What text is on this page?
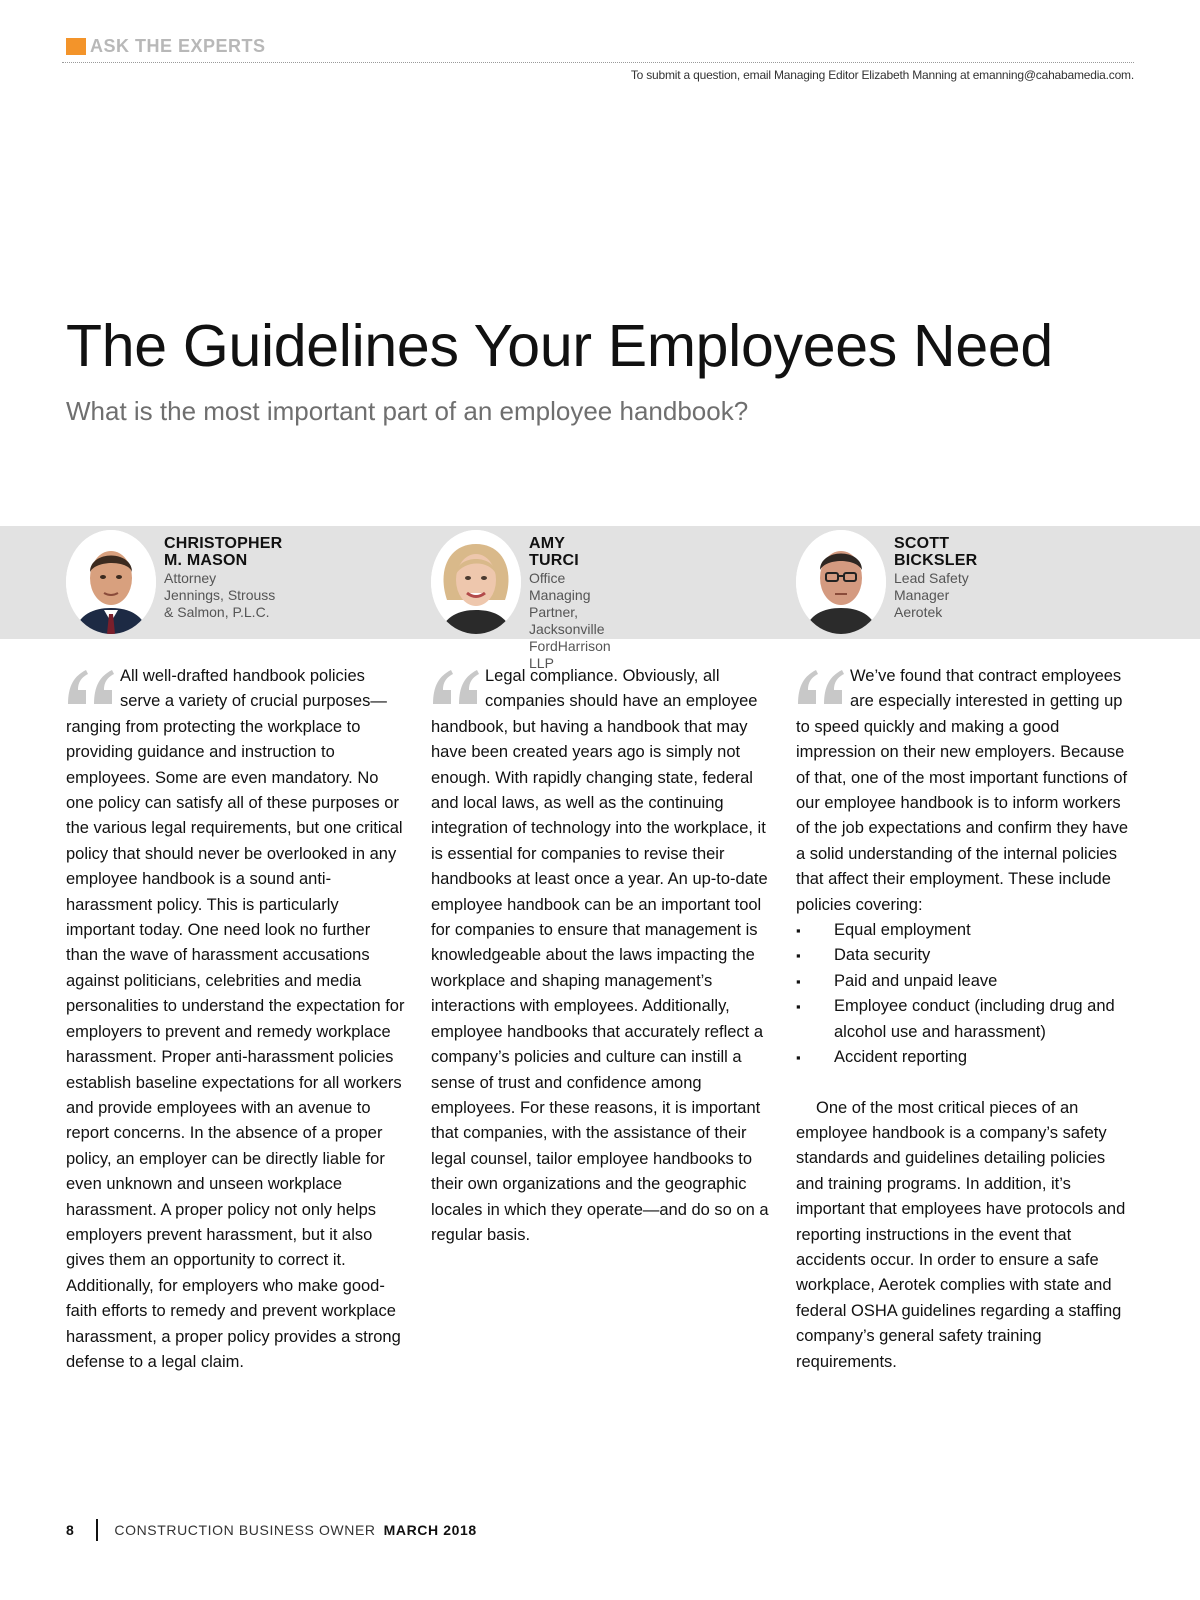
ASK THE EXPERTS
To submit a question, email Managing Editor Elizabeth Manning at emanning@cahabamedia.com.
The Guidelines Your Employees Need
What is the most important part of an employee handbook?
CHRISTOPHER M. MASON
Attorney
Jennings, Strouss & Salmon, P.L.C.
AMY TURCI
Office Managing Partner, Jacksonville
FordHarrison LLP
SCOTT BICKSLER
Lead Safety Manager
Aerotek

All well-drafted handbook policies serve a variety of crucial purposes—ranging from protecting the workplace to providing guidance and instruction to employees. Some are even mandatory. No one policy can satisfy all of these purposes or the various legal requirements, but one critical policy that should never be overlooked in any employee handbook is a sound anti-harassment policy. This is particularly important today. One need look no further than the wave of harassment accusations against politicians, celebrities and media personalities to understand the expectation for employers to prevent and remedy workplace harassment. Proper anti-harassment policies establish baseline expectations for all workers and provide employees with an avenue to report concerns. In the absence of a proper policy, an employer can be directly liable for even unknown and unseen workplace harassment. A proper policy not only helps employers prevent harassment, but it also gives them an opportunity to correct it. Additionally, for employers who make good-faith efforts to remedy and prevent workplace harassment, a proper policy provides a strong defense to a legal claim.

Legal compliance. Obviously, all companies should have an employee handbook, but having a handbook that may have been created years ago is simply not enough. With rapidly changing state, federal and local laws, as well as the continuing integration of technology into the workplace, it is essential for companies to revise their handbooks at least once a year. An up-to-date employee handbook can be an important tool for companies to ensure that management is knowledgeable about the laws impacting the workplace and shaping management’s interactions with employees. Additionally, employee handbooks that accurately reflect a company’s policies and culture can instill a sense of trust and confidence among employees. For these reasons, it is important that companies, with the assistance of their legal counsel, tailor employee handbooks to their own organizations and the geographic locales in which they operate—and do so on a regular basis.

We’ve found that contract employees are especially interested in getting up to speed quickly and making a good impression on their new employers. Because of that, one of the most important functions of our employee handbook is to inform workers of the job expectations and confirm they have a solid understanding of the internal policies that affect their employment. These include policies covering:

▪ Equal employment
▪ Data security
▪ Paid and unpaid leave
▪ Employee conduct (including drug and alcohol use and harassment)
▪ Accident reporting

One of the most critical pieces of an employee handbook is a company’s safety standards and guidelines detailing policies and training programs. In addition, it’s important that employees have protocols and reporting instructions in the event that accidents occur. In order to ensure a safe workplace, Aerotek complies with state and federal OSHA guidelines regarding a staffing company’s general safety training requirements.

8	CONSTRUCTION BUSINESS OWNER MARCH 2018
